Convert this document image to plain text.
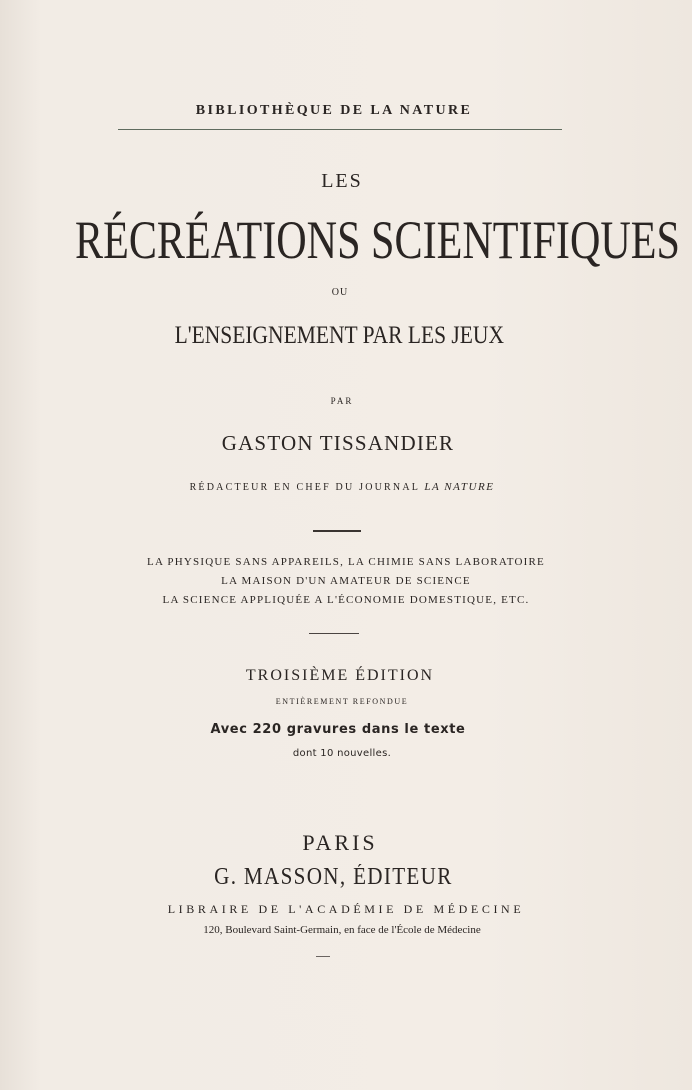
BIBLIOTHÈQUE DE LA NATURE
LES
RÉCRÉATIONS SCIENTIFIQUES
OU
L'ENSEIGNEMENT PAR LES JEUX
PAR
GASTON TISSANDIER
RÉDACTEUR EN CHEF DU JOURNAL LA NATURE
LA PHYSIQUE SANS APPAREILS, LA CHIMIE SANS LABORATOIRE
LA MAISON D'UN AMATEUR DE SCIENCE
LA SCIENCE APPLIQUÉE A L'ÉCONOMIE DOMESTIQUE, ETC.
TROISIÈME ÉDITION
ENTIÈREMENT REFONDUE
Avec 220 gravures dans le texte
dont 10 nouvelles.
PARIS
G. MASSON, ÉDITEUR
LIBRAIRE DE L'ACADÉMIE DE MÉDECINE
120, Boulevard Saint-Germain, en face de l'École de Médecine
